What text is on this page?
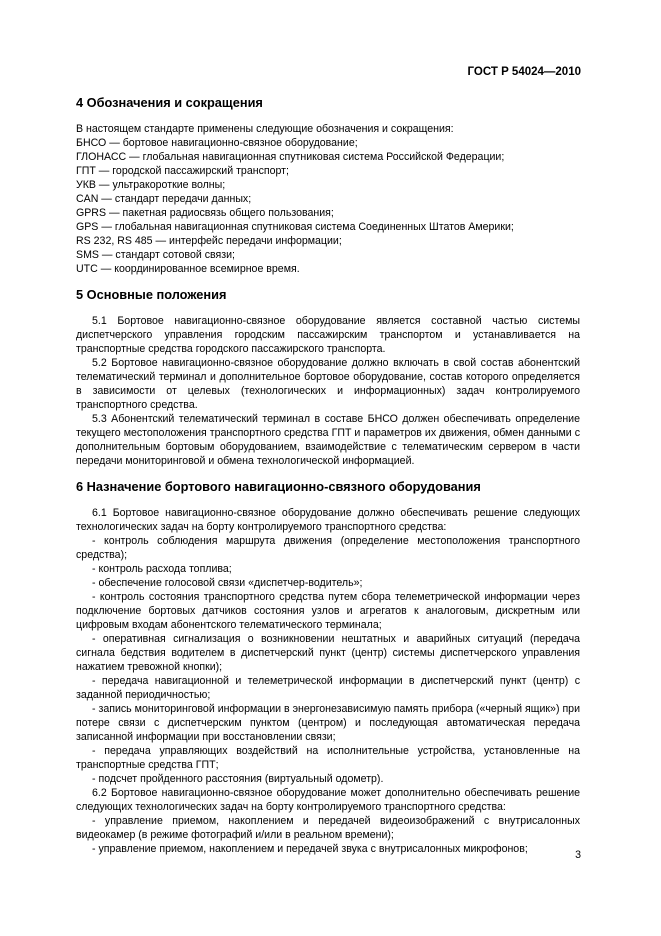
ГОСТ Р 54024—2010
4 Обозначения и сокращения
В настоящем стандарте применены следующие обозначения и сокращения:
БНСО — бортовое навигационно-связное оборудование;
ГЛОНАСС — глобальная навигационная спутниковая система Российской Федерации;
ГПТ — городской пассажирский транспорт;
УКВ — ультракороткие волны;
CAN — стандарт передачи данных;
GPRS — пакетная радиосвязь общего пользования;
GPS — глобальная навигационная спутниковая система Соединенных Штатов Америки;
RS 232, RS 485 — интерфейс передачи информации;
SMS — стандарт сотовой связи;
UTC — координированное всемирное время.
5 Основные положения
5.1 Бортовое навигационно-связное оборудование является составной частью системы диспетчерского управления городским пассажирским транспортом и устанавливается на транспортные средства городского пассажирского транспорта.
5.2 Бортовое навигационно-связное оборудование должно включать в свой состав абонентский телематический терминал и дополнительное бортовое оборудование, состав которого определяется в зависимости от целевых (технологических и информационных) задач контролируемого транспортного средства.
5.3 Абонентский телематический терминал в составе БНСО должен обеспечивать определение текущего местоположения транспортного средства ГПТ и параметров их движения, обмен данными с дополнительным бортовым оборудованием, взаимодействие с телематическим сервером в части передачи мониторинговой и обмена технологической информацией.
6 Назначение бортового навигационно-связного оборудования
6.1 Бортовое навигационно-связное оборудование должно обеспечивать решение следующих технологических задач на борту контролируемого транспортного средства:
- контроль соблюдения маршрута движения (определение местоположения транспортного средства);
- контроль расхода топлива;
- обеспечение голосовой связи «диспетчер-водитель»;
- контроль состояния транспортного средства путем сбора телеметрической информации через подключение бортовых датчиков состояния узлов и агрегатов к аналоговым, дискретным или цифровым входам абонентского телематического терминала;
- оперативная сигнализация о возникновении нештатных и аварийных ситуаций (передача сигнала бедствия водителем в диспетчерский пункт (центр) системы диспетчерского управления нажатием тревожной кнопки);
- передача навигационной и телеметрической информации в диспетчерский пункт (центр) с заданной периодичностью;
- запись мониторинговой информации в энергонезависимую память прибора («черный ящик») при потере связи с диспетчерским пунктом (центром) и последующая автоматическая передача записанной информации при восстановлении связи;
- передача управляющих воздействий на исполнительные устройства, установленные на транспортные средства ГПТ;
- подсчет пройденного расстояния (виртуальный одометр).
6.2 Бортовое навигационно-связное оборудование может дополнительно обеспечивать решение следующих технологических задач на борту контролируемого транспортного средства:
- управление приемом, накоплением и передачей видеоизображений с внутрисалонных видеокамер (в режиме фотографий и/или в реальном времени);
- управление приемом, накоплением и передачей звука с внутрисалонных микрофонов;	3
